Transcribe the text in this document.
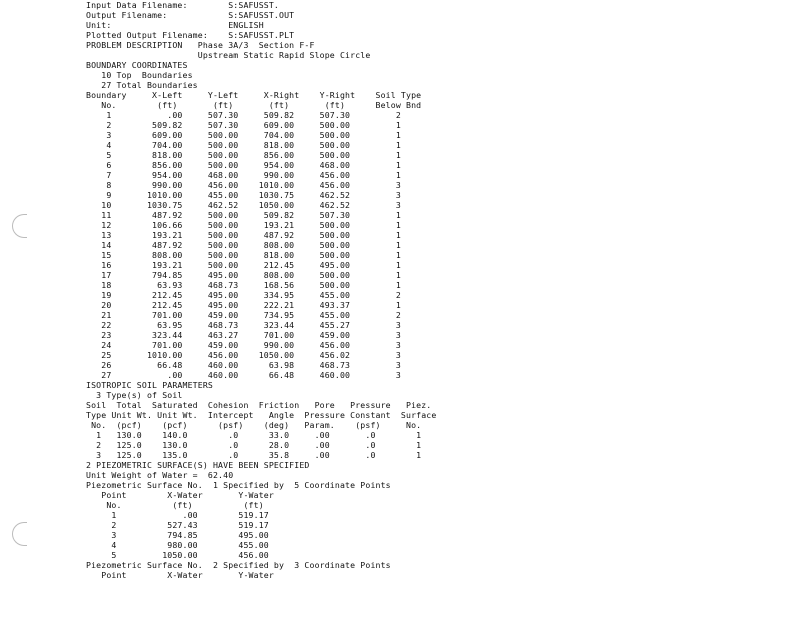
Input Data Filename:        S:SAFUSST.
Output Filename:            S:SAFUSST.OUT
Unit:                       ENGLISH
Plotted Output Filename:    S:SAFUSST.PLT
PROBLEM DESCRIPTION   Phase 3A/3  Section F-F
Upstream Static Rapid Slope Circle
BOUNDARY COORDINATES
10 Top  Boundaries
27 Total Boundaries
Boundary     X-Left     Y-Left     X-Right    Y-Right    Soil Type
No.        (ft)       (ft)       (ft)       (ft)      Below Bnd
1           .00     507.30     509.82     507.30         2
2        509.82     507.30     609.00     500.00         1
3        609.00     500.00     704.00     500.00         1
4        704.00     500.00     818.00     500.00         1
5        818.00     500.00     856.00     500.00         1
6        856.00     500.00     954.00     468.00         1
7        954.00     468.00     990.00     456.00         1
8        990.00     456.00    1010.00     456.00         3
9       1010.00     455.00    1030.75     462.52         3
10       1030.75     462.52    1050.00     462.52         3
11        487.92     500.00     509.82     507.30         1
12        106.66     500.00     193.21     500.00         1
13        193.21     500.00     487.92     500.00         1
14        487.92     500.00     808.00     500.00         1
15        808.00     500.00     818.00     500.00         1
16        193.21     500.00     212.45     495.00         1
17        794.85     495.00     808.00     500.00         1
18         63.93     468.73     168.56     500.00         1
19        212.45     495.00     334.95     455.00         2
20        212.45     495.00     222.21     493.37         1
21        701.00     459.00     734.95     455.00         2
22         63.95     468.73     323.44     455.27         3
23        323.44     463.27     701.00     459.00         3
24        701.00     459.00     990.00     456.00         3
25       1010.00     456.00    1050.00     456.02         3
26         66.48     460.00      63.98     468.73         3
27           .00     460.00      66.48     460.00         3
ISOTROPIC SOIL PARAMETERS
3 Type(s) of Soil
Soil  Total  Saturated  Cohesion  Friction   Pore   Pressure   Piez.
Type Unit Wt. Unit Wt.  Intercept   Angle  Pressure Constant  Surface
No.  (pcf)    (pcf)      (psf)    (deg)   Param.    (psf)     No.
1   130.0    140.0        .0      33.0     .00       .0        1
2   125.0    130.0        .0      28.0     .00       .0        1
3   125.0    135.0        .0      35.8     .00       .0        1
2 PIEZOMETRIC SURFACE(S) HAVE BEEN SPECIFIED
Unit Weight of Water =  62.40
Piezometric Surface No.  1 Specified by  5 Coordinate Points
Point        X-Water       Y-Water
No.          (ft)          (ft)
1             .00        519.17
2          527.43        519.17
3          794.85        495.00
4          980.00        455.00
5         1050.00        456.00
Piezometric Surface No.  2 Specified by  3 Coordinate Points
Point        X-Water       Y-Water
